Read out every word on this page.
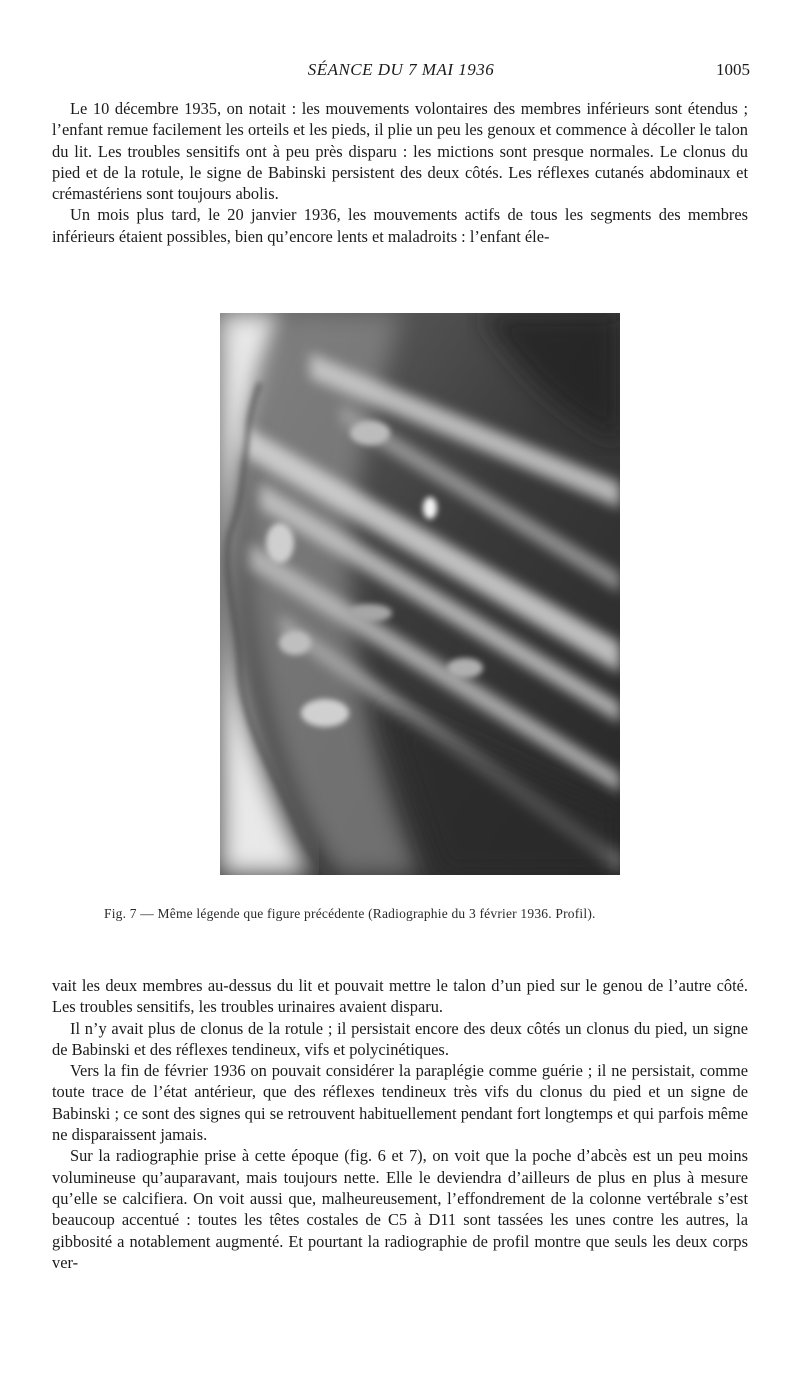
SÉANCE DU 7 MAI 1936	1005

Le 10 décembre 1935, on notait : les mouvements volontaires des membres inférieurs sont étendus ; l’enfant remue facilement les orteils et les pieds, il plie un peu les genoux et commence à décoller le talon du lit. Les troubles sensitifs ont à peu près disparu : les mictions sont presque normales. Le clonus du pied et de la rotule, le signe de Babinski persistent des deux côtés. Les réflexes cutanés abdominaux et crémastériens sont toujours abolis.

Un mois plus tard, le 20 janvier 1936, les mouvements actifs de tous les segments des membres inférieurs étaient possibles, bien qu’encore lents et maladroits : l’enfant éle-

Fig. 7 — Même légende que figure précédente (Radiographie du 3 février 1936. Profil).

vait les deux membres au-dessus du lit et pouvait mettre le talon d’un pied sur le genou de l’autre côté. Les troubles sensitifs, les troubles urinaires avaient disparu.

Il n’y avait plus de clonus de la rotule ; il persistait encore des deux côtés un clonus du pied, un signe de Babinski et des réflexes tendineux, vifs et polycinétiques.

Vers la fin de février 1936 on pouvait considérer la paraplégie comme guérie ; il ne persistait, comme toute trace de l’état antérieur, que des réflexes tendineux très vifs du clonus du pied et un signe de Babinski ; ce sont des signes qui se retrouvent habituellement pendant fort longtemps et qui parfois même ne disparaissent jamais.

Sur la radiographie prise à cette époque (fig. 6 et 7), on voit que la poche d’abcès est un peu moins volumineuse qu’auparavant, mais toujours nette. Elle le deviendra d’ailleurs de plus en plus à mesure qu’elle se calcifiera. On voit aussi que, malheureusement, l’effondrement de la colonne vertébrale s’est beaucoup accentué : toutes les têtes costales de C5 à D11 sont tassées les unes contre les autres, la gibbosité a notablement augmenté. Et pourtant la radiographie de profil montre que seuls les deux corps ver-
